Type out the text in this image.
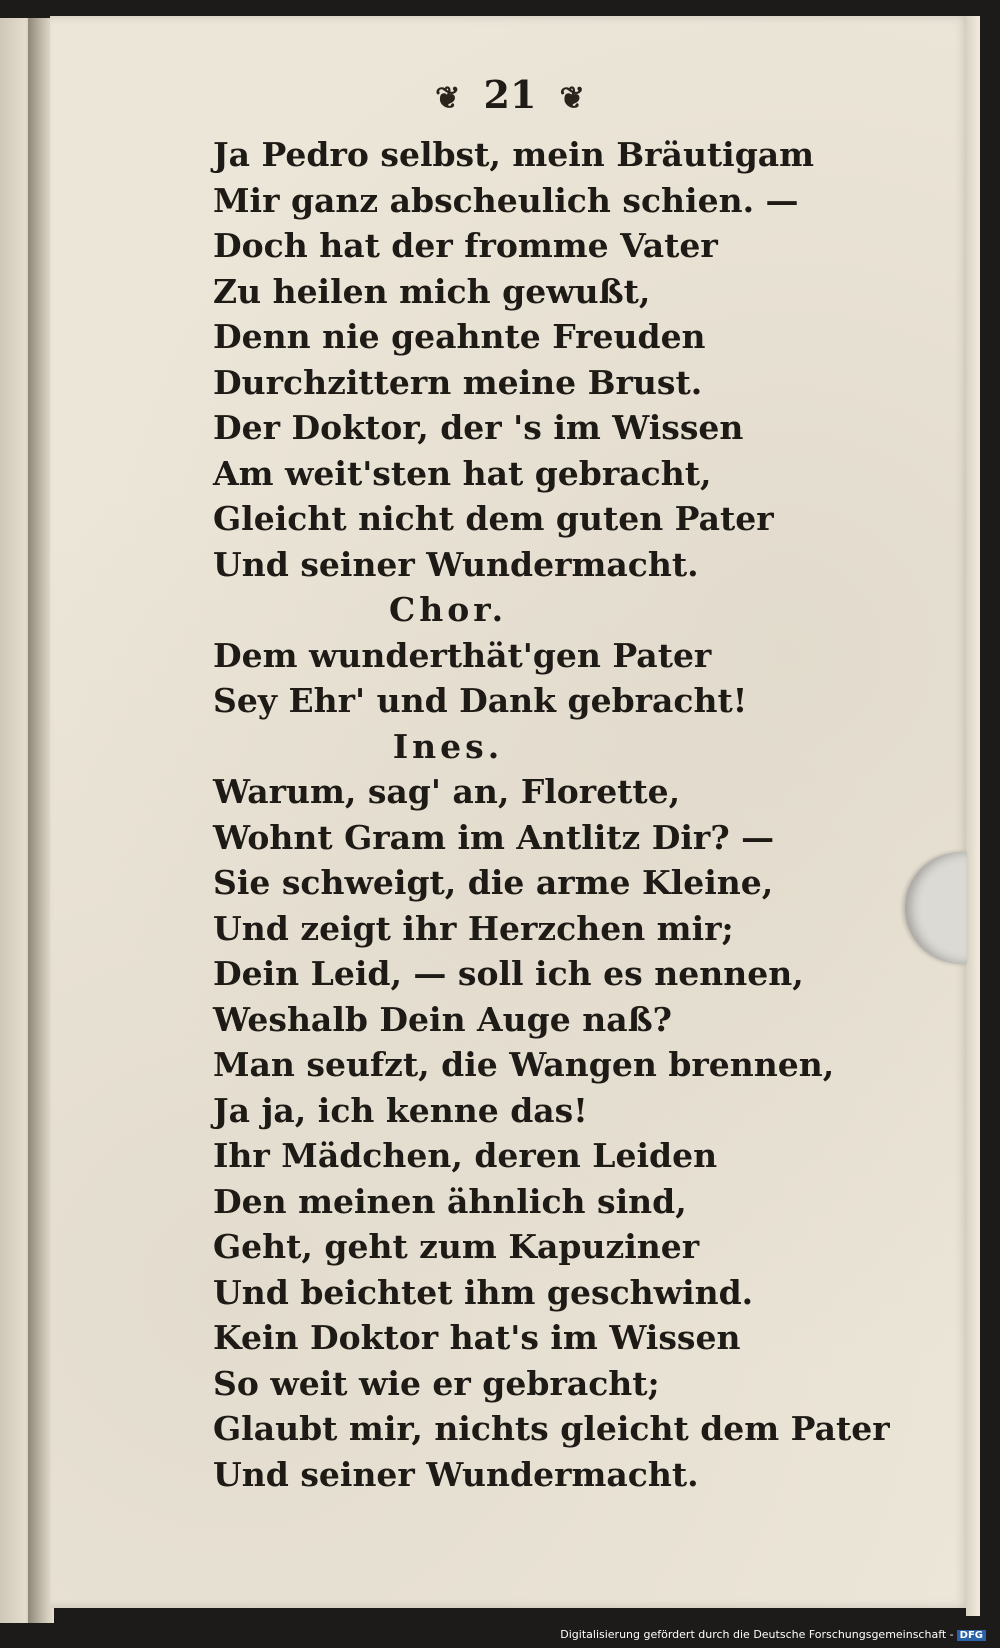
❦ 21 ❦
Ja Pedro selbst, mein Bräutigam
Mir ganz abscheulich schien. —
Doch hat der fromme Vater
Zu heilen mich gewußt,
Denn nie geahnte Freuden
Durchzittern meine Brust.
Der Doktor, der 's im Wissen
Am weit'sten hat gebracht,
Gleicht nicht dem guten Pater
Und seiner Wundermacht.
Chor.
Dem wunderthät'gen Pater
Sey Ehr' und Dank gebracht!
Ines.
Warum, sag' an, Florette,
Wohnt Gram im Antlitz Dir? —
Sie schweigt, die arme Kleine,
Und zeigt ihr Herzchen mir;
Dein Leid, — soll ich es nennen,
Weshalb Dein Auge naß?
Man seufzt, die Wangen brennen,
Ja ja, ich kenne das!
Ihr Mädchen, deren Leiden
Den meinen ähnlich sind,
Geht, geht zum Kapuziner
Und beichtet ihm geschwind.
Kein Doktor hat's im Wissen
So weit wie er gebracht;
Glaubt mir, nichts gleicht dem Pater
Und seiner Wundermacht.
Digitalisierung gefördert durch die Deutsche Forschungsgemeinschaft - DFG
